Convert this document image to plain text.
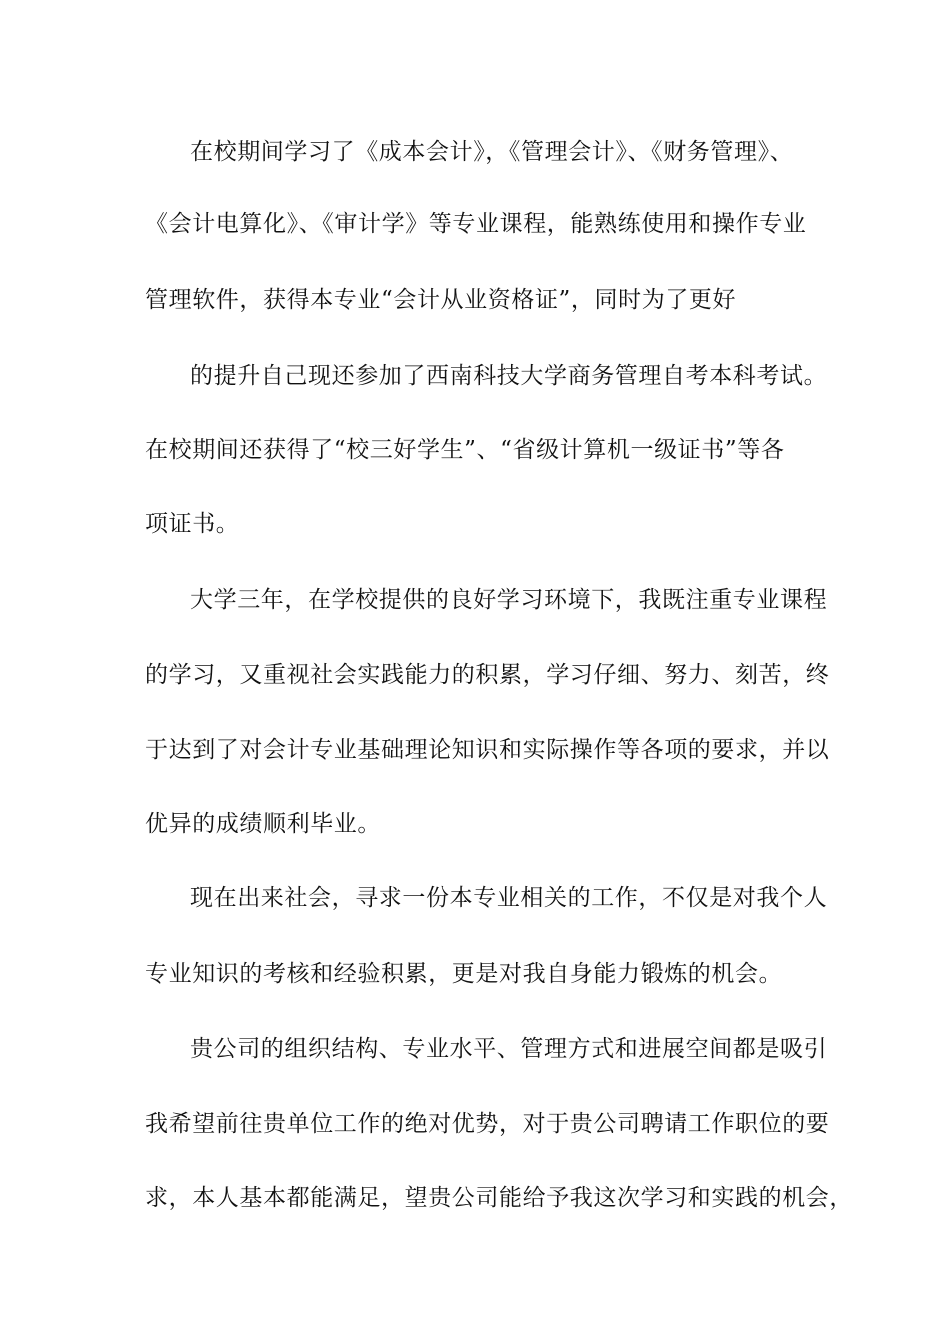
在校期间学习了《成本会计》，《管理会计》、《财务管理》、
《会计电算化》、《审计学》等专业课程，能熟练使用和操作专业
管理软件，获得本专业“会计从业资格证”，同时为了更好
的提升自己现还参加了西南科技大学商务管理自考本科考试。
在校期间还获得了“校三好学生”、“省级计算机一级证书”等各
项证书。
大学三年，在学校提供的良好学习环境下，我既注重专业课程
的学习，又重视社会实践能力的积累，学习仔细、努力、刻苦，终
于达到了对会计专业基础理论知识和实际操作等各项的要求，并以
优异的成绩顺利毕业。
现在出来社会，寻求一份本专业相关的工作，不仅是对我个人
专业知识的考核和经验积累，更是对我自身能力锻炼的机会。
贵公司的组织结构、专业水平、管理方式和进展空间都是吸引
我希望前往贵单位工作的绝对优势，对于贵公司聘请工作职位的要
求，本人基本都能满足，望贵公司能给予我这次学习和实践的机会，
